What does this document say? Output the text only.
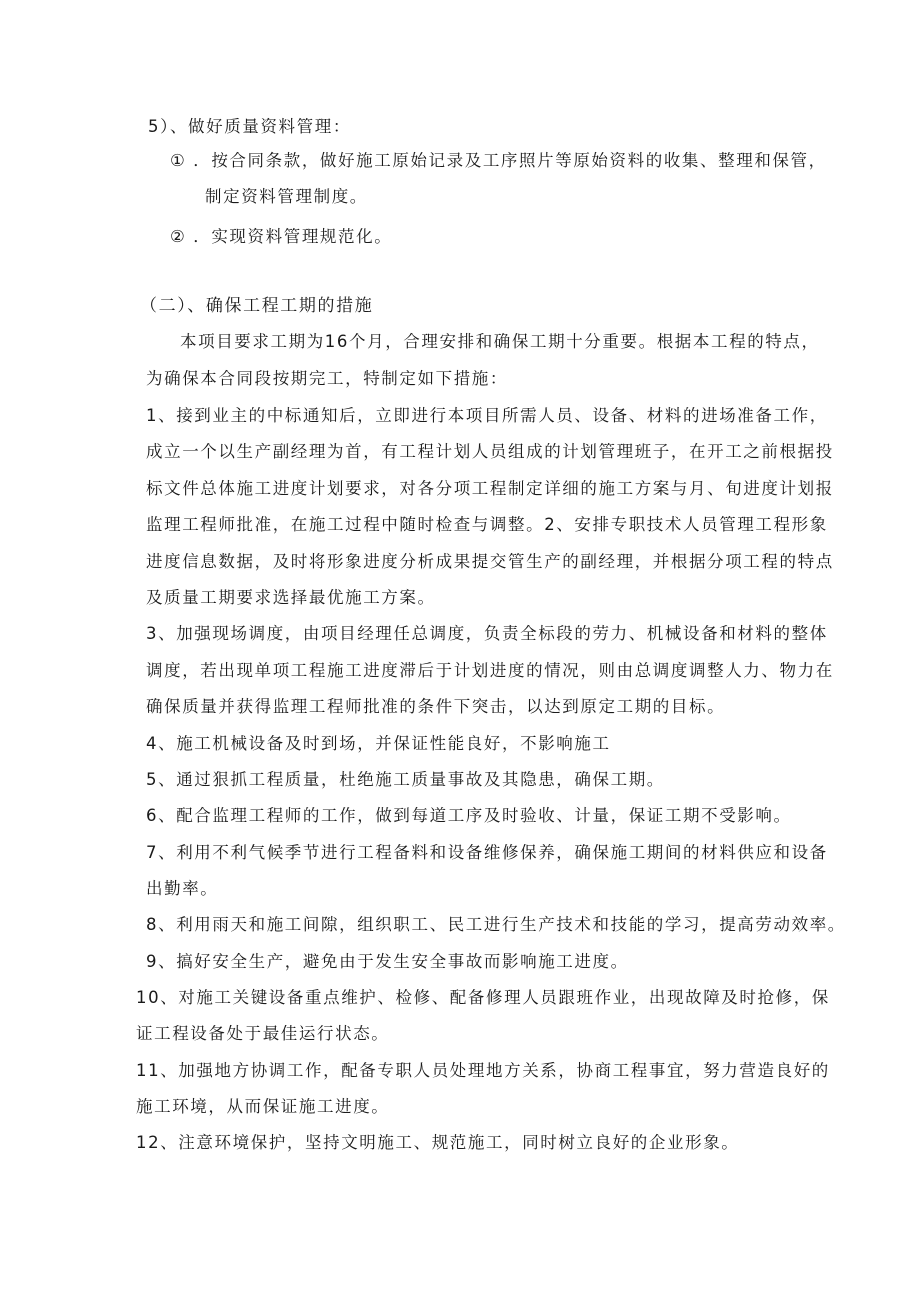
5）、做好质量资料管理：

① ．按合同条款，做好施工原始记录及工序照片等原始资料的收集、整理和保管，

制定资料管理制度。

② ．实现资料管理规范化。

（二）、确保工程工期的措施

本项目要求工期为16个月，合理安排和确保工期十分重要。根据本工程的特点，

为确保本合同段按期完工，特制定如下措施：

1、接到业主的中标通知后，立即进行本项目所需人员、设备、材料的进场准备工作，

成立一个以生产副经理为首，有工程计划人员组成的计划管理班子，在开工之前根据投

标文件总体施工进度计划要求，对各分项工程制定详细的施工方案与月、旬进度计划报

监理工程师批准，在施工过程中随时检查与调整。2、安排专职技术人员管理工程形象

进度信息数据，及时将形象进度分析成果提交管生产的副经理，并根据分项工程的特点

及质量工期要求选择最优施工方案。

3、加强现场调度，由项目经理任总调度，负责全标段的劳力、机械设备和材料的整体

调度，若出现单项工程施工进度滞后于计划进度的情况，则由总调度调整人力、物力在

确保质量并获得监理工程师批准的条件下突击，以达到原定工期的目标。

4、施工机械设备及时到场，并保证性能良好，不影响施工

5、通过狠抓工程质量，杜绝施工质量事故及其隐患，确保工期。

6、配合监理工程师的工作，做到每道工序及时验收、计量，保证工期不受影响。

7、利用不利气候季节进行工程备料和设备维修保养，确保施工期间的材料供应和设备

出勤率。

8、利用雨天和施工间隙，组织职工、民工进行生产技术和技能的学习，提高劳动效率。

9、搞好安全生产，避免由于发生安全事故而影响施工进度。

10、对施工关键设备重点维护、检修、配备修理人员跟班作业，出现故障及时抢修，保

证工程设备处于最佳运行状态。

11、加强地方协调工作，配备专职人员处理地方关系，协商工程事宜，努力营造良好的

施工环境，从而保证施工进度。

12、注意环境保护，坚持文明施工、规范施工，同时树立良好的企业形象。
